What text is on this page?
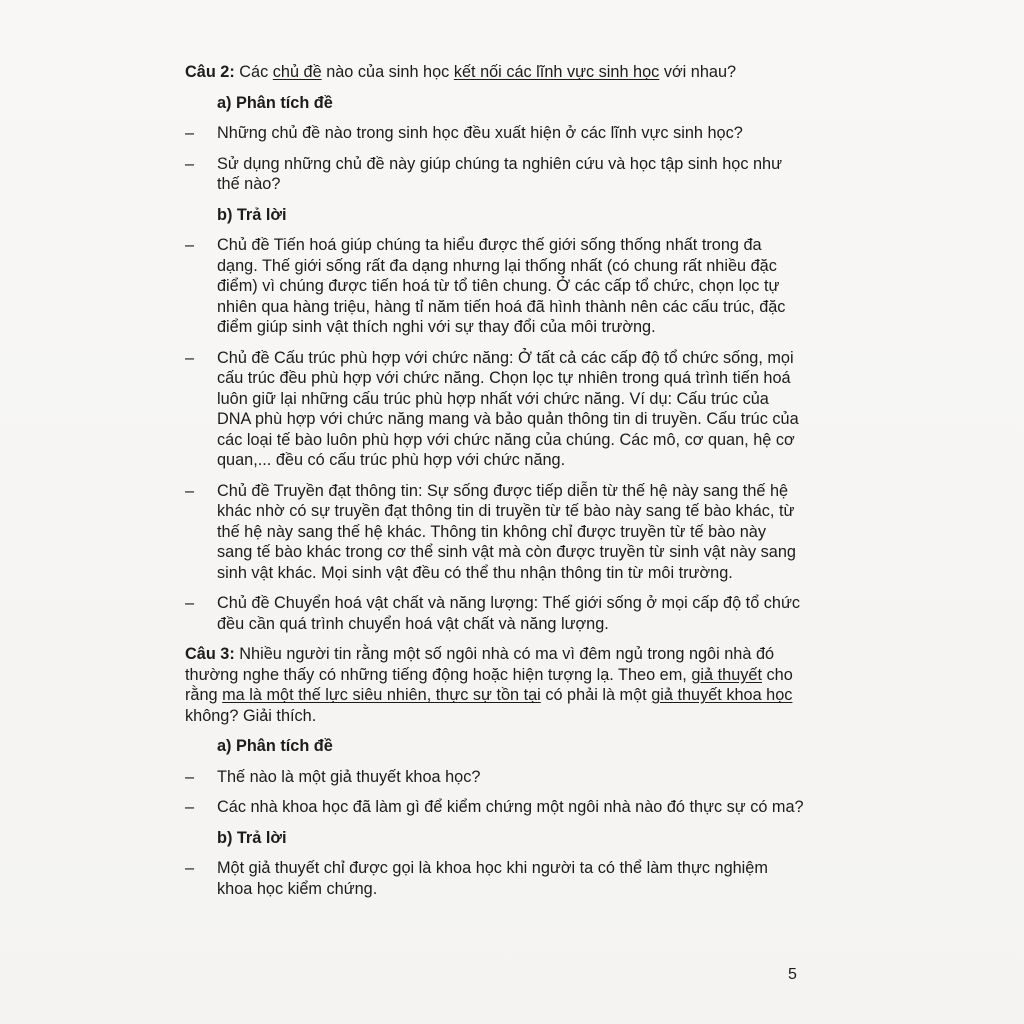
Câu 2: Các chủ đề nào của sinh học kết nối các lĩnh vực sinh học với nhau?

a) Phân tích đề
– Những chủ đề nào trong sinh học đều xuất hiện ở các lĩnh vực sinh học?
– Sử dụng những chủ đề này giúp chúng ta nghiên cứu và học tập sinh học như thế nào?
b) Trả lời
– Chủ đề Tiến hoá giúp chúng ta hiểu được thế giới sống thống nhất trong đa dạng. Thế giới sống rất đa dạng nhưng lại thống nhất (có chung rất nhiều đặc điểm) vì chúng được tiến hoá từ tổ tiên chung. Ở các cấp tổ chức, chọn lọc tự nhiên qua hàng triệu, hàng tỉ năm tiến hoá đã hình thành nên các cấu trúc, đặc điểm giúp sinh vật thích nghi với sự thay đổi của môi trường.
– Chủ đề Cấu trúc phù hợp với chức năng: Ở tất cả các cấp độ tổ chức sống, mọi cấu trúc đều phù hợp với chức năng. Chọn lọc tự nhiên trong quá trình tiến hoá luôn giữ lại những cấu trúc phù hợp nhất với chức năng. Ví dụ: Cấu trúc của DNA phù hợp với chức năng mang và bảo quản thông tin di truyền. Cấu trúc của các loại tế bào luôn phù hợp với chức năng của chúng. Các mô, cơ quan, hệ cơ quan,... đều có cấu trúc phù hợp với chức năng.
– Chủ đề Truyền đạt thông tin: Sự sống được tiếp diễn từ thế hệ này sang thế hệ khác nhờ có sự truyền đạt thông tin di truyền từ tế bào này sang tế bào khác, từ thế hệ này sang thế hệ khác. Thông tin không chỉ được truyền từ tế bào này sang tế bào khác trong cơ thể sinh vật mà còn được truyền từ sinh vật này sang sinh vật khác. Mọi sinh vật đều có thể thu nhận thông tin từ môi trường.
– Chủ đề Chuyển hoá vật chất và năng lượng: Thế giới sống ở mọi cấp độ tổ chức đều cần quá trình chuyển hoá vật chất và năng lượng.

Câu 3: Nhiều người tin rằng một số ngôi nhà có ma vì đêm ngủ trong ngôi nhà đó thường nghe thấy có những tiếng động hoặc hiện tượng lạ. Theo em, giả thuyết cho rằng ma là một thế lực siêu nhiên, thực sự tồn tại có phải là một giả thuyết khoa học không? Giải thích.

a) Phân tích đề
– Thế nào là một giả thuyết khoa học?
– Các nhà khoa học đã làm gì để kiểm chứng một ngôi nhà nào đó thực sự có ma?
b) Trả lời
– Một giả thuyết chỉ được gọi là khoa học khi người ta có thể làm thực nghiệm khoa học kiểm chứng.
5
